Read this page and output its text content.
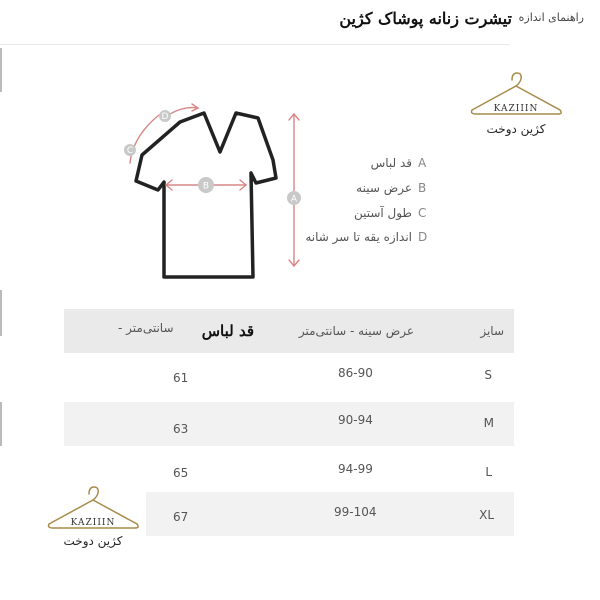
تیشرت زنانه پوشاک کژین راهنمای اندازه
A
B
C
D
قد لباس A
عرض سینه B
طول آستین C
اندازه یقه تا سر شانه D
KAZIIIN
کژین دوخت
سایز
عرض سینه - سانتی‌متر
قد لباس
- سانتی‌متر
S
86-90
61
M
90-94
63
L
94-99
65
XL
99-104
67
KAZIIIN
کژین دوخت
